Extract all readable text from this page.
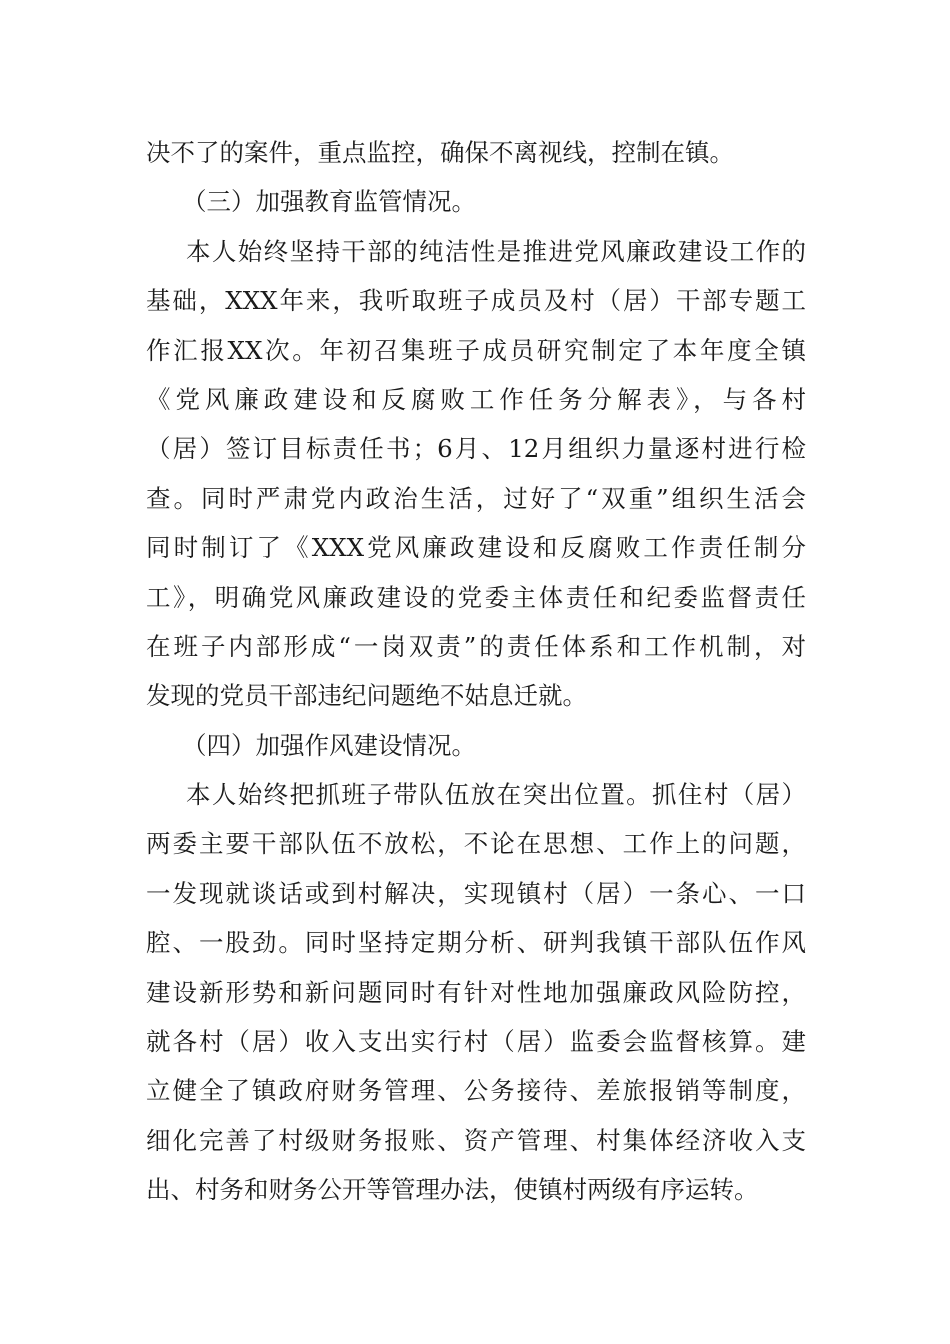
决不了的案件，重点监控，确保不离视线，控制在镇。
（三）加强教育监管情况。
本人始终坚持干部的纯洁性是推进党风廉政建设工作的
基础，XXX年来，我听取班子成员及村（居）干部专题工
作汇报XX次。年初召集班子成员研究制定了本年度全镇
《党风廉政建设和反腐败工作任务分解表》，与各村
（居）签订目标责任书；6月、12月组织力量逐村进行检
查。同时严肃党内政治生活，过好了“双重”组织生活会
同时制订了《XXX党风廉政建设和反腐败工作责任制分
工》，明确党风廉政建设的党委主体责任和纪委监督责任
在班子内部形成“一岗双责”的责任体系和工作机制，对
发现的党员干部违纪问题绝不姑息迁就。
（四）加强作风建设情况。
本人始终把抓班子带队伍放在突出位置。抓住村（居）
两委主要干部队伍不放松，不论在思想、工作上的问题，
一发现就谈话或到村解决，实现镇村（居）一条心、一口
腔、一股劲。同时坚持定期分析、研判我镇干部队伍作风
建设新形势和新问题同时有针对性地加强廉政风险防控，
就各村（居）收入支出实行村（居）监委会监督核算。建
立健全了镇政府财务管理、公务接待、差旅报销等制度，
细化完善了村级财务报账、资产管理、村集体经济收入支
出、村务和财务公开等管理办法，使镇村两级有序运转。
